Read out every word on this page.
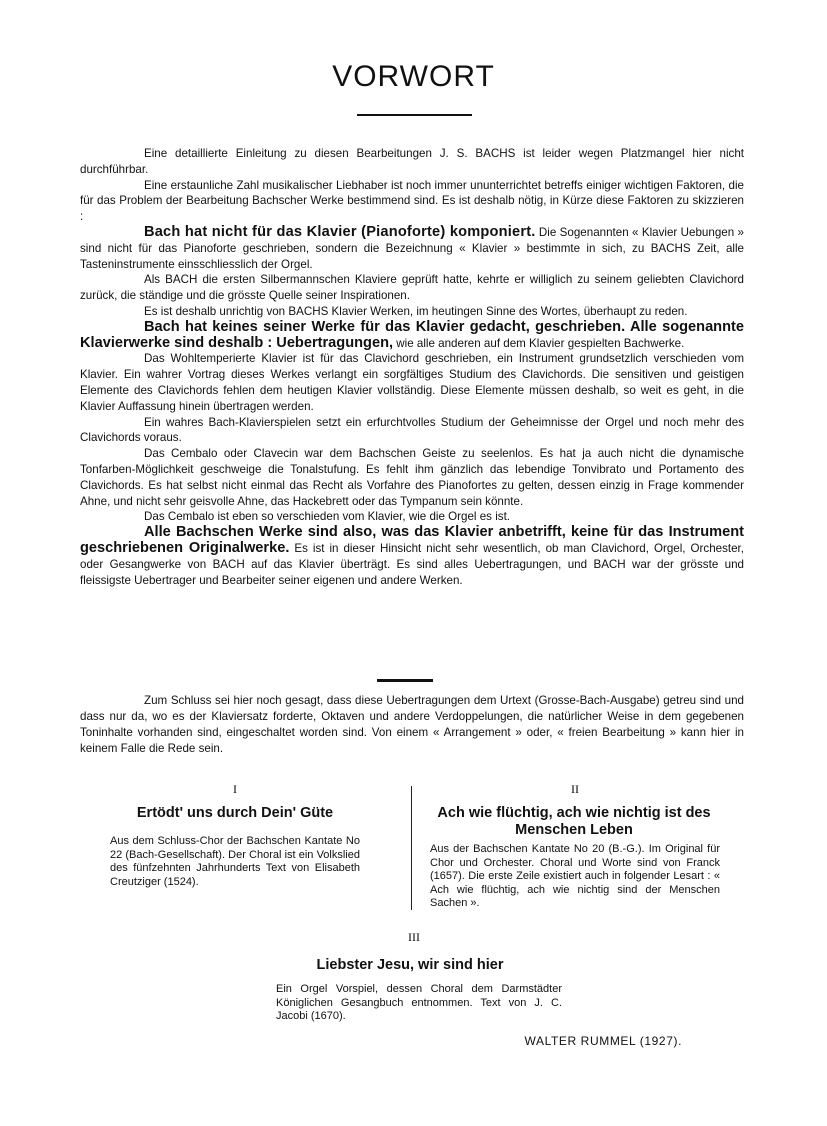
VORWORT

Eine detaillierte Einleitung zu diesen Bearbeitungen J. S. BACHS ist leider wegen Platzmangel hier nicht durchführbar.

Eine erstaunliche Zahl musikalischer Liebhaber ist noch immer ununterrichtet betreffs einiger wichtigen Faktoren, die für das Problem der Bearbeitung Bachscher Werke bestimmend sind. Es ist deshalb nötig, in Kürze diese Faktoren zu skizzieren :

Bach hat nicht für das Klavier (Pianoforte) komponiert. Die Sogenannten « Klavier Uebungen » sind nicht für das Pianoforte geschrieben, sondern die Bezeichnung « Klavier » bestimmte in sich, zu BACHS Zeit, alle Tasteninstrumente einsschliesslich der Orgel.

Als BACH die ersten Silbermannschen Klaviere geprüft hatte, kehrte er williglich zu seinem geliebten Clavichord zurück, die ständige und die grösste Quelle seiner Inspirationen.

Es ist deshalb unrichtig von BACHS Klavier Werken, im heutingen Sinne des Wortes, überhaupt zu reden.

Bach hat keines seiner Werke für das Klavier gedacht, geschrieben. Alle sogenannte Klavierwerke sind deshalb : Uebertragungen, wie alle anderen auf dem Klavier gespielten Bachwerke.

Das Wohltemperierte Klavier ist für das Clavichord geschrieben, ein Instrument grundsetzlich verschieden vom Klavier. Ein wahrer Vortrag dieses Werkes verlangt ein sorgfältiges Studium des Clavichords. Die sensitiven und geistigen Elemente des Clavichords fehlen dem heutigen Klavier vollständig. Diese Elemente müssen deshalb, so weit es geht, in die Klavier Auffassung hinein übertragen werden.

Ein wahres Bach-Klavierspielen setzt ein erfurchtvolles Studium der Geheimnisse der Orgel und noch mehr des Clavichords voraus.

Das Cembalo oder Clavecin war dem Bachschen Geiste zu seelenlos. Es hat ja auch nicht die dynamische Tonfarben-Möglichkeit geschweige die Tonalstufung. Es fehlt ihm gänzlich das lebendige Tonvibrato und Portamento des Clavichords. Es hat selbst nicht einmal das Recht als Vorfahre des Pianofortes zu gelten, dessen einzig in Frage kommender Ahne, und nicht sehr geisvolle Ahne, das Hackebrett oder das Tympanum sein könnte.

Das Cembalo ist eben so verschieden vom Klavier, wie die Orgel es ist.

Alle Bachschen Werke sind also, was das Klavier anbetrifft, keine für das Instrument geschriebenen Originalwerke. Es ist in dieser Hinsicht nicht sehr wesentlich, ob man Clavichord, Orgel, Orchester, oder Gesangwerke von BACH auf das Klavier überträgt. Es sind alles Uebertragungen, und BACH war der grösste und fleissigste Uebertrager und Bearbeiter seiner eigenen und andere Werken.

Zum Schluss sei hier noch gesagt, dass diese Uebertragungen dem Urtext (Grosse-Bach-Ausgabe) getreu sind und dass nur da, wo es der Klaviersatz forderte, Oktaven und andere Verdoppelungen, die natürlicher Weise in dem gegebenen Toninhalte vorhanden sind, eingeschaltet worden sind. Von einem « Arrangement » oder, « freien Bearbeitung » kann hier in keinem Falle die Rede sein.

I
Ertödt' uns durch Dein' Güte
Aus dem Schluss-Chor der Bachschen Kantate No 22 (Bach-Gesellschaft). Der Choral ist ein Volkslied des fünfzehnten Jahrhunderts Text von Elisabeth Creutziger (1524).
II
Ach wie flüchtig, ach wie nichtig ist des Menschen Leben
Aus der Bachschen Kantate No 20 (B.-G.). Im Original für Chor und Orchester. Choral und Worte sind von Franck (1657). Die erste Zeile existiert auch in folgender Lesart : « Ach wie flüchtig, ach wie nichtig sind der Menschen Sachen ».
III
Liebster Jesu, wir sind hier
Ein Orgel Vorspiel, dessen Choral dem Darmstädter Königlichen Gesangbuch entnommen. Text von J. C. Jacobi (1670).
WALTER RUMMEL (1927).
